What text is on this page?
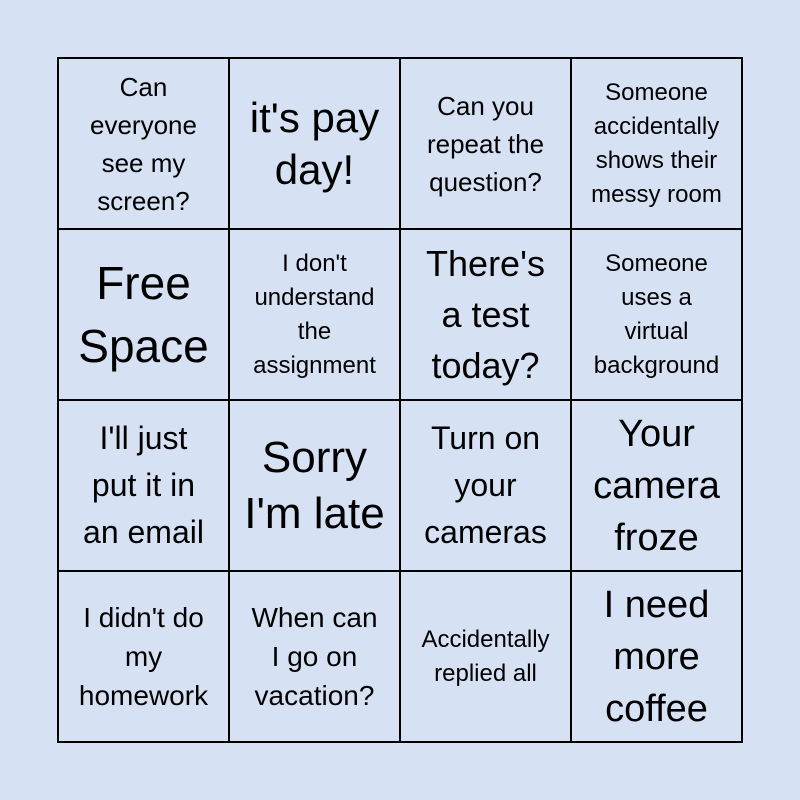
Can
everyone
see my
screen?
it's pay
day!
Can you
repeat the
question?
Someone
accidentally
shows their
messy room
Free
Space
I don't
understand
the
assignment
There's
a test
today?
Someone
uses a
virtual
background
I'll just
put it in
an email
Sorry
I'm late
Turn on
your
cameras
Your
camera
froze
I didn't do
my
homework
When can
I go on
vacation?
Accidentally
replied all
I need
more
coffee
